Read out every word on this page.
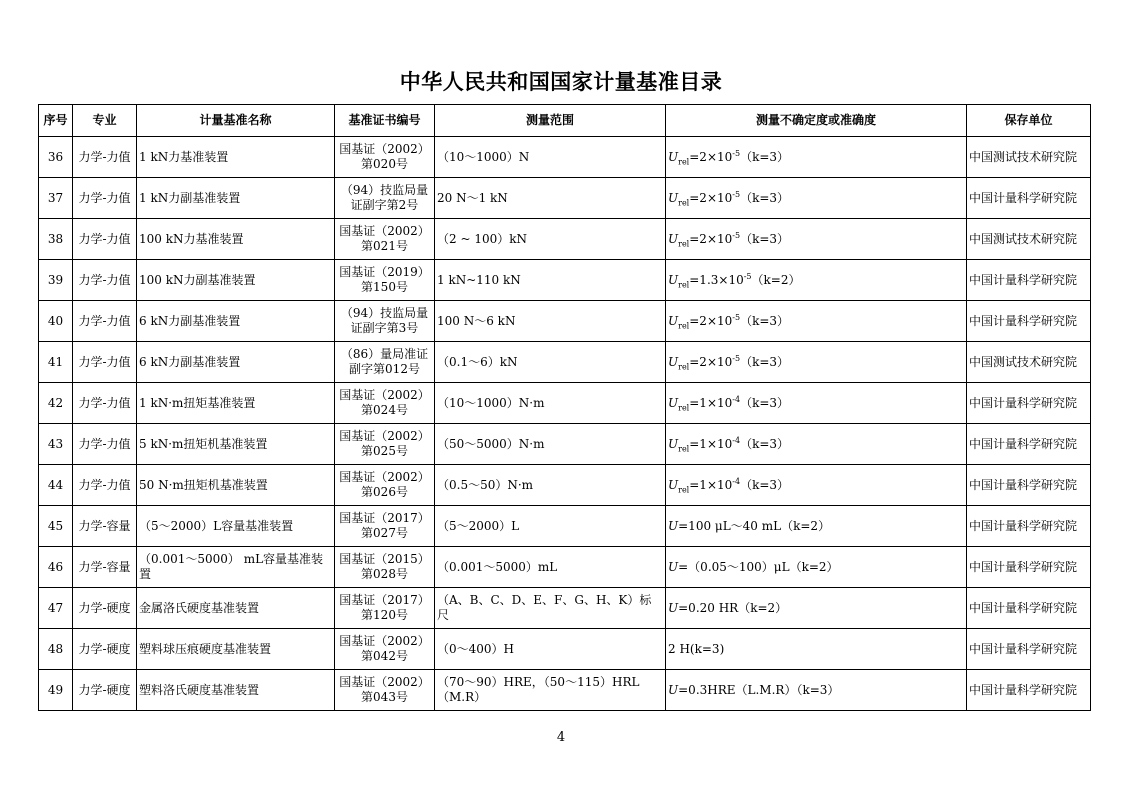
中华人民共和国国家计量基准目录
序号	专业	计量基准名称	基准证书编号	测量范围	测量不确定度或准确度	保存单位
36	力学-力值	1 kN力基准装置	国基证（2002）第020号	（10～1000）N	$U_{rel}=2\times 10^{-5}(k=3)$	中国测试技术研究院
37	力学-力值	1 kN力副基准装置	（94）技监局量证副字第2号	20 N～1 kN	$U_{rel}=2\times 10^{-5}(k=3)$	中国计量科学研究院
38	力学-力值	100 kN力基准装置	国基证（2002）第021号	（2 ~ 100）kN	$U_{rel}=2\times 10^{-5}(k=3)$	中国测试技术研究院
39	力学-力值	100 kN力副基准装置	国基证（2019）第150号	1 kN~110 kN	$U_{rel}=1.3\times 10^{-5}(k=2)$	中国计量科学研究院
40	力学-力值	6 kN力副基准装置	（94）技监局量证副字第3号	100 N～6 kN	$U_{rel}=2\times 10^{-5}(k=3)$	中国计量科学研究院
41	力学-力值	6 kN力副基准装置	（86）量局准证副字第012号	（0.1～6）kN	$U_{rel}=2\times 10^{-5}(k=3)$	中国测试技术研究院
42	力学-力值	1 kN·m扭矩基准装置	国基证（2002）第024号	（10～1000）N·m	$U_{rel}=1\times 10^{-4}(k=3)$	中国计量科学研究院
43	力学-力值	5 kN·m扭矩机基准装置	国基证（2002）第025号	（50～5000）N·m	$U_{rel}=1\times 10^{-4}(k=3)$	中国计量科学研究院
44	力学-力值	50 N·m扭矩机基准装置	国基证（2002）第026号	（0.5～50）N·m	$U_{rel}=1\times 10^{-4}(k=3)$	中国计量科学研究院
45	力学-容量	（5～2000）L容量基准装置	国基证（2017）第027号	（5～2000）L	U=100 μL～40 mL（k=2）	中国计量科学研究院
46	力学-容量	（0.001～5000） mL容量基准装置	国基证（2015）第028号	（0.001～5000）mL	U=（0.05～100）μL（k=2）	中国计量科学研究院
47	力学-硬度	金属洛氏硬度基准装置	国基证（2017）第120号	（A、B、C、D、E、F、G、H、K）标尺	U=0.20 HR（k=2）	中国计量科学研究院
48	力学-硬度	塑料球压痕硬度基准装置	国基证（2002）第042号	（0～400）H	2 H(k=3)	中国计量科学研究院
49	力学-硬度	塑料洛氏硬度基准装置	国基证（2002）第043号	（70～90）HRE，（50～115）HRL（M.R）	U=0.3HRE（L.M.R）（k=3）	中国计量科学研究院
4
